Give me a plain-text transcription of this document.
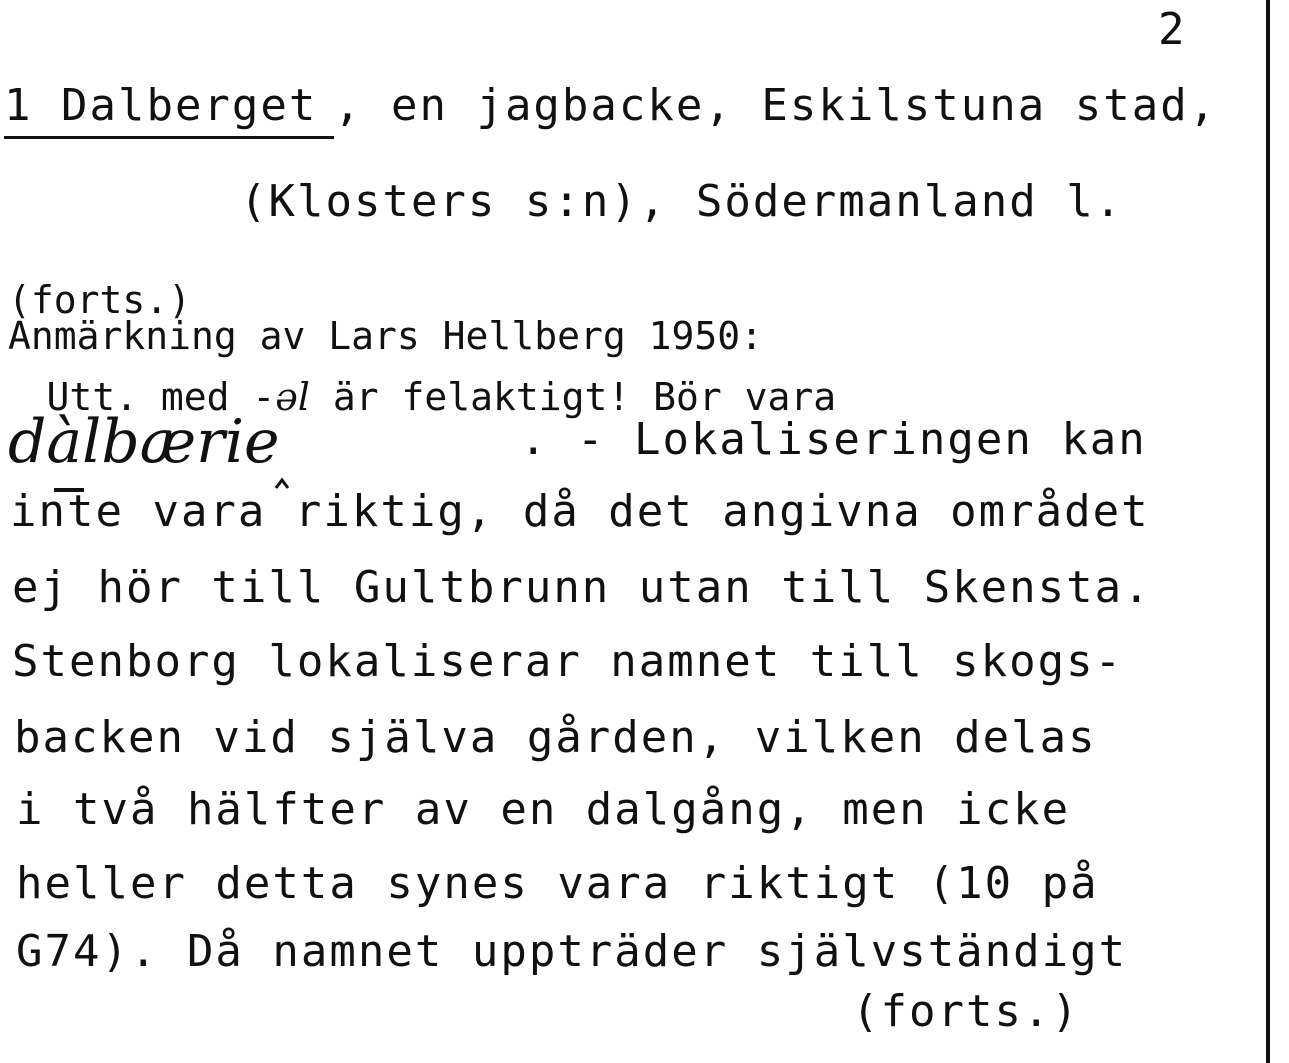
2
1 Dalberget , en jagbacke, Eskilstuna stad,
(Klosters s:n), Södermanland l.
(forts.)
Anmärkning av Lars Hellberg 1950:

Utt. med -əl är felaktigt! Bör vara

dàlbærie	. - Lokaliseringen kan
inte vara riktig, då det angivna området
ej hör till Gultbrunn utan till Skensta.
Stenborg lokaliserar namnet till skogs-
backen vid själva gården, vilken delas
i två hälfter av en dalgång, men icke
heller detta synes vara riktigt (10 på
G74). Då namnet uppträder självständigt
(forts.)
